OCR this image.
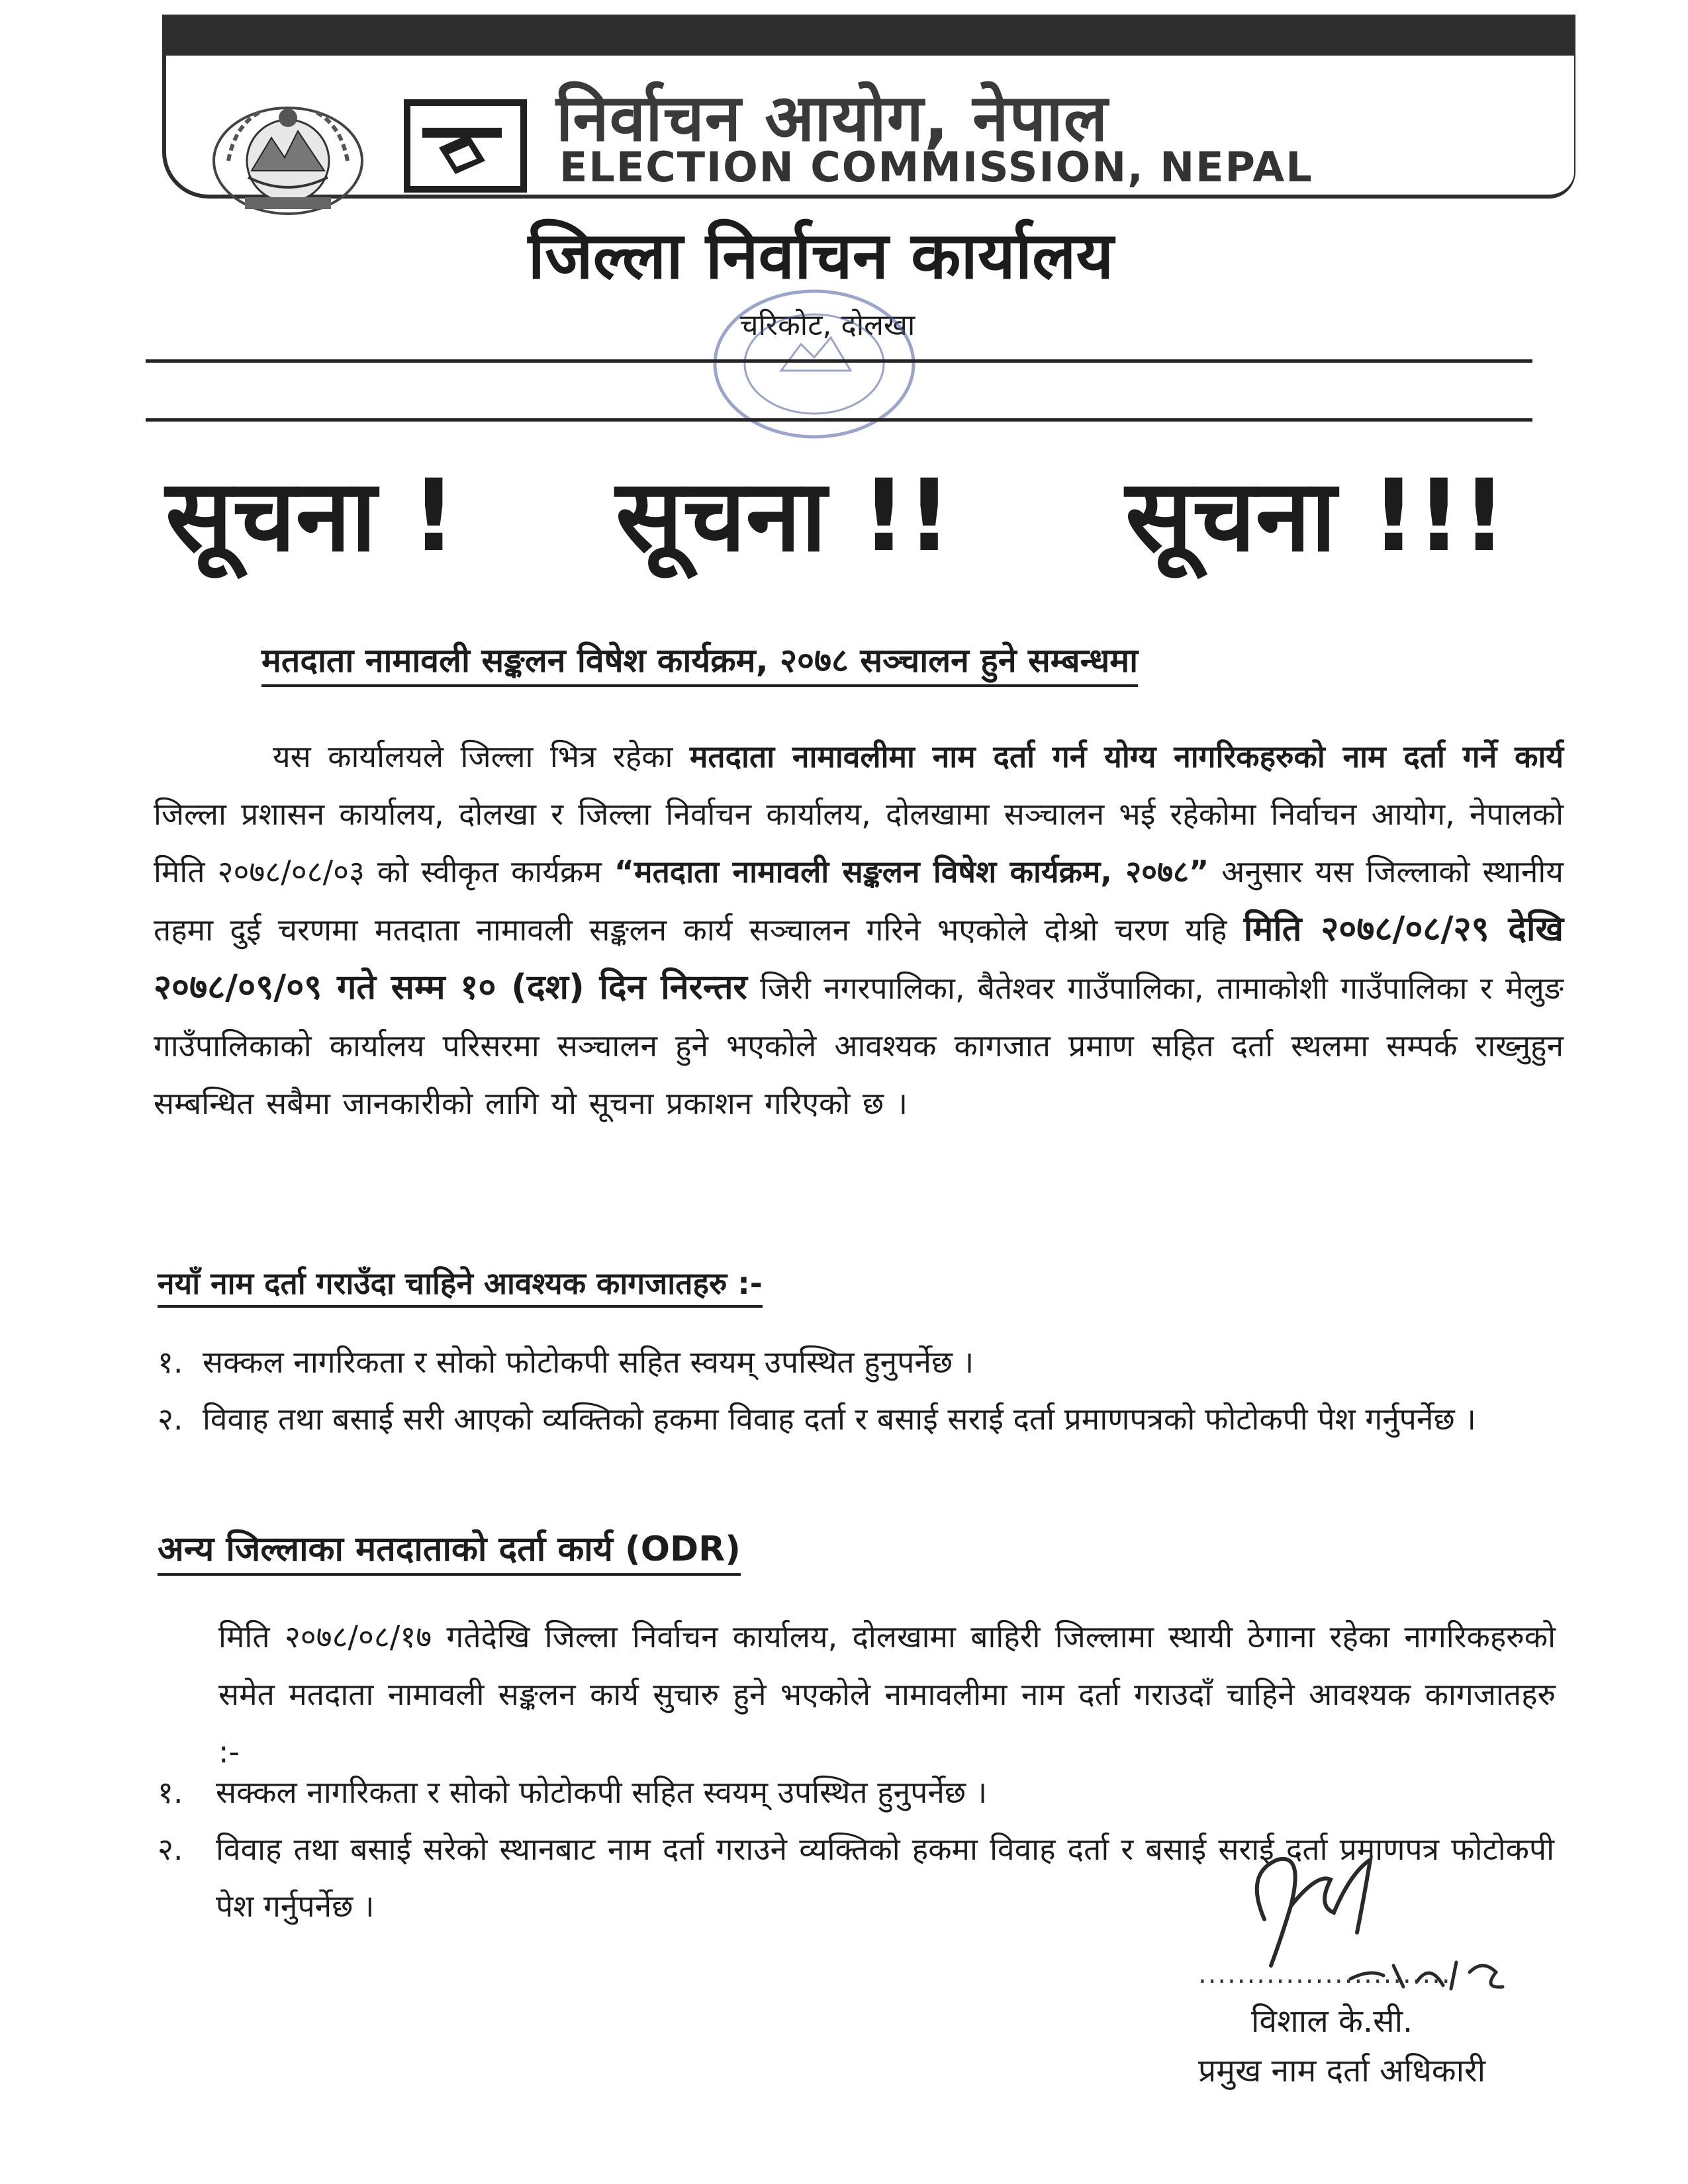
निर्वाचन आयोग, नेपाल
ELECTION COMMISSION, NEPAL
जिल्ला निर्वाचन कार्यालय
चरिकोट, दोलखा
सूचना ! सूचना !! सूचना !!!
मतदाता नामावली सङ्कलन विषेश कार्यक्रम, २०७८ सञ्चालन हुने सम्बन्धमा
यस कार्यालयले जिल्ला भित्र रहेका मतदाता नामावलीमा नाम दर्ता गर्न योग्य नागरिकहरुको नाम दर्ता गर्ने कार्य जिल्ला प्रशासन कार्यालय, दोलखा र जिल्ला निर्वाचन कार्यालय, दोलखामा सञ्चालन भई रहेकोमा निर्वाचन आयोग, नेपालको मिति २०७८/०८/०३ को स्वीकृत कार्यक्रम “मतदाता नामावली सङ्कलन विषेश कार्यक्रम, २०७८” अनुसार यस जिल्लाको स्थानीय तहमा दुई चरणमा मतदाता नामावली सङ्कलन कार्य सञ्चालन गरिने भएकोले दोश्रो चरण यहि मिति २०७८/०८/२९ देखि २०७८/०९/०९ गते सम्म १० (दश) दिन निरन्तर जिरी नगरपालिका, बैतेश्वर गाउँपालिका, तामाकोशी गाउँपालिका र मेलुङ गाउँपालिकाको कार्यालय परिसरमा सञ्चालन हुने भएकोले आवश्यक कागजात प्रमाण सहित दर्ता स्थलमा सम्पर्क राख्नुहुन सम्बन्धित सबैमा जानकारीको लागि यो सूचना प्रकाशन गरिएको छ ।
नयाँ नाम दर्ता गराउँदा चाहिने आवश्यक कागजातहरु :-
१. सक्कल नागरिकता र सोको फोटोकपी सहित स्वयम् उपस्थित हुनुपर्नेछ ।
२. विवाह तथा बसाई सरी आएको व्यक्तिको हकमा विवाह दर्ता र बसाई सराई दर्ता प्रमाणपत्रको फोटोकपी पेश गर्नुपर्नेछ ।
अन्य जिल्लाका मतदाताको दर्ता कार्य (ODR)
मिति २०७८/०८/१७ गतेदेखि जिल्ला निर्वाचन कार्यालय, दोलखामा बाहिरी जिल्लामा स्थायी ठेगाना रहेका नागरिकहरुको समेत मतदाता नामावली सङ्कलन कार्य सुचारु हुने भएकोले नामावलीमा नाम दर्ता गराउदाँ चाहिने आवश्यक कागजातहरु :-
१. सक्कल नागरिकता र सोको फोटोकपी सहित स्वयम् उपस्थित हुनुपर्नेछ ।
२. विवाह तथा बसाई सरेको स्थानबाट नाम दर्ता गराउने व्यक्तिको हकमा विवाह दर्ता र बसाई सराई दर्ता प्रमाणपत्र फोटोकपी पेश गर्नुपर्नेछ ।
..........................
विशाल के.सी.
प्रमुख नाम दर्ता अधिकारी
